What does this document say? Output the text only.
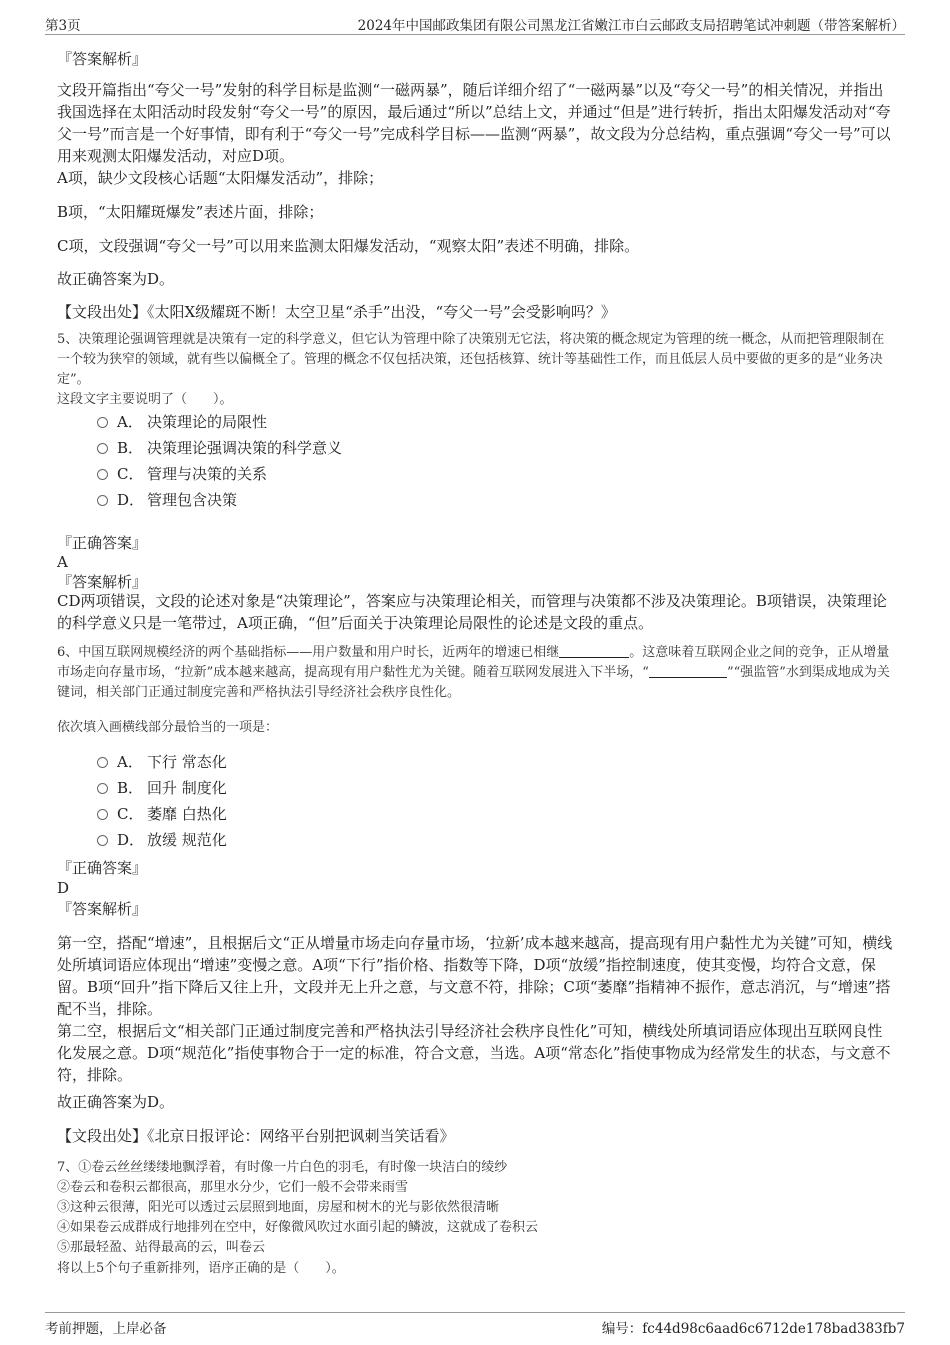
第3页	2024年中国邮政集团有限公司黑龙江省嫩江市白云邮政支局招聘笔试冲刺题（带答案解析）

『答案解析』

文段开篇指出“夸父一号”发射的科学目标是监测“一磁两暴”，随后详细介绍了“一磁两暴”以及“夸父一号”的相关情况，并指出我国选择在太阳活动时段发射“夸父一号”的原因，最后通过“所以”总结上文，并通过“但是”进行转折，指出太阳爆发活动对“夸父一号”而言是一个好事情，即有利于“夸父一号”完成科学目标——监测“两暴”，故文段为分总结构，重点强调“夸父一号”可以用来观测太阳爆发活动，对应D项。

A项，缺少文段核心话题“太阳爆发活动”，排除；

B项，“太阳耀斑爆发”表述片面，排除；

C项，文段强调“夸父一号”可以用来监测太阳爆发活动，“观察太阳”表述不明确，排除。

故正确答案为D。

【文段出处】《太阳X级耀斑不断！太空卫星“杀手”出没，“夸父一号”会受影响吗？》

5、决策理论强调管理就是决策有一定的科学意义，但它认为管理中除了决策别无它法，将决策的概念规定为管理的统一概念，从而把管理限制在一个较为狭窄的领域，就有些以偏概全了。管理的概念不仅包括决策，还包括核算、统计等基础性工作，而且低层人员中要做的更多的是“业务决定”。

这段文字主要说明了（　　）。

A． 决策理论的局限性
B． 决策理论强调决策的科学意义
C． 管理与决策的关系
D． 管理包含决策

『正确答案』

A

『答案解析』

CD两项错误，文段的论述对象是“决策理论”，答案应与决策理论相关，而管理与决策都不涉及决策理论。B项错误，决策理论的科学意义只是一笔带过，A项正确，“但”后面关于决策理论局限性的论述是文段的重点。

6、中国互联网规模经济的两个基础指标——用户数量和用户时长，近两年的增速已相继	。这意味着互联网企业之间的竞争，正从增量市场走向存量市场，“拉新”成本越来越高，提高现有用户黏性尤为关键。随着互联网发展进入下半场，“	”“强监管”水到渠成地成为关键词，相关部门正通过制度完善和严格执法引导经济社会秩序良性化。

依次填入画横线部分最恰当的一项是：

A． 下行 常态化
B． 回升 制度化
C． 萎靡 白热化
D． 放缓 规范化

『正确答案』

D

『答案解析』

第一空，搭配“增速”，且根据后文“正从增量市场走向存量市场，‘拉新’成本越来越高，提高现有用户黏性尤为关键”可知，横线处所填词语应体现出“增速”变慢之意。A项“下行”指价格、指数等下降，D项“放缓”指控制速度，使其变慢，均符合文意，保留。B项“回升”指下降后又往上升，文段并无上升之意，与文意不符，排除；C项“萎靡”指精神不振作，意志消沉，与“增速”搭配不当，排除。

第二空，根据后文“相关部门正通过制度完善和严格执法引导经济社会秩序良性化”可知，横线处所填词语应体现出互联网良性化发展之意。D项“规范化”指使事物合于一定的标准，符合文意，当选。A项“常态化”指使事物成为经常发生的状态，与文意不符，排除。

故正确答案为D。

【文段出处】《北京日报评论：网络平台别把讽刺当笑话看》

7、①卷云丝丝缕缕地飘浮着，有时像一片白色的羽毛，有时像一块洁白的绫纱

②卷云和卷积云都很高，那里水分少，它们一般不会带来雨雪

③这种云很薄，阳光可以透过云层照到地面，房屋和树木的光与影依然很清晰

④如果卷云成群成行地排列在空中，好像微风吹过水面引起的鳞波，这就成了卷积云

⑤那最轻盈、站得最高的云，叫卷云

将以上5个句子重新排列，语序正确的是（　　）。

考前押题，上岸必备	编号：fc44d98c6aad6c6712de178bad383fb7
